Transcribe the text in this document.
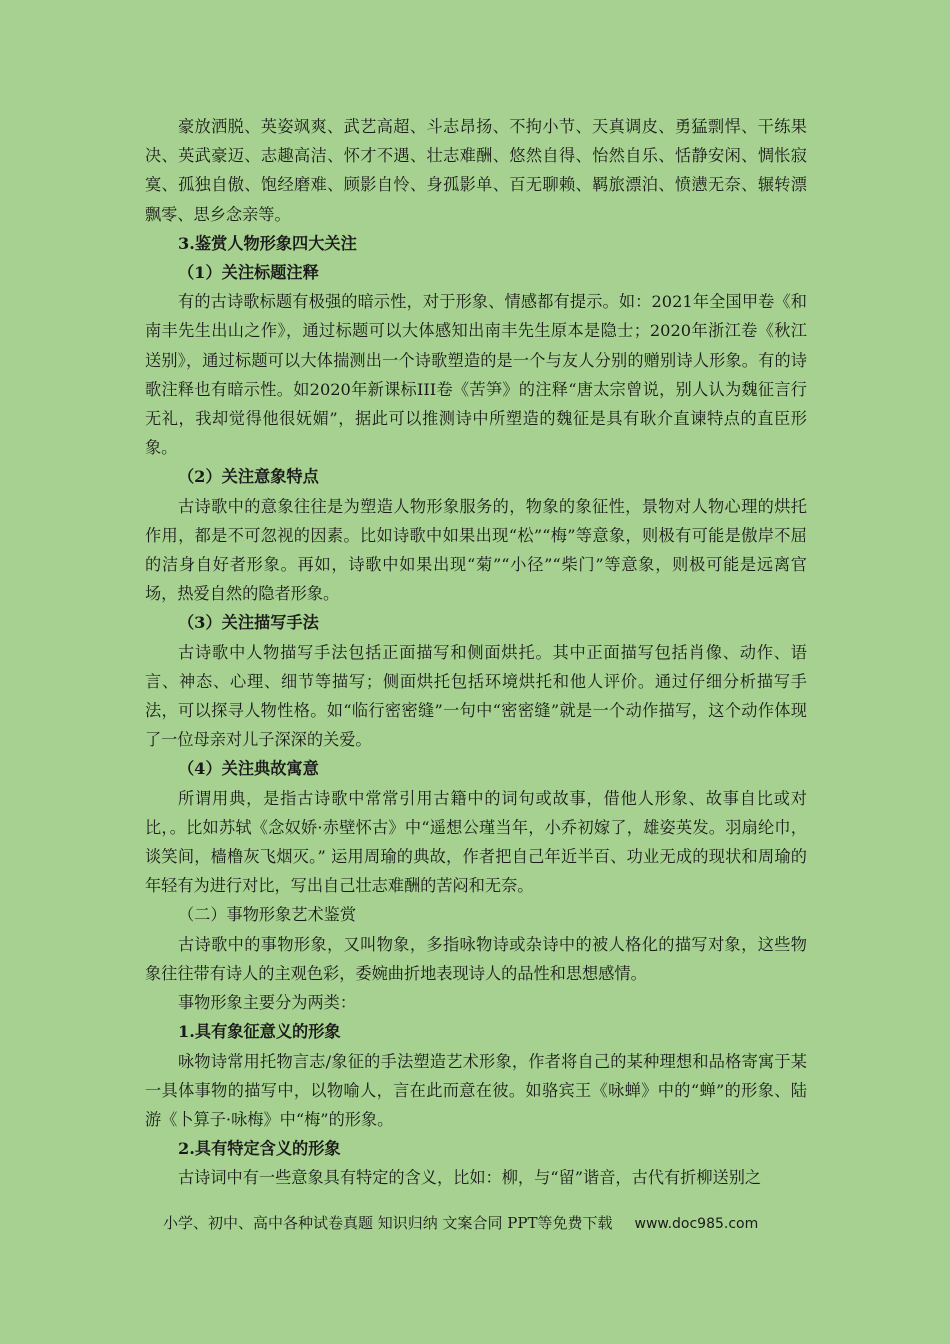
豪放洒脱、英姿飒爽、武艺高超、斗志昂扬、不拘小节、天真调皮、勇猛剽悍、干练果决、英武豪迈、志趣高洁、怀才不遇、壮志难酬、悠然自得、怡然自乐、恬静安闲、惆怅寂寞、孤独自傲、饱经磨难、顾影自怜、身孤影单、百无聊赖、羁旅漂泊、愤懑无奈、辗转漂飘零、思乡念亲等。

3.鉴赏人物形象四大关注

（1）关注标题注释

有的古诗歌标题有极强的暗示性，对于形象、情感都有提示。如：2021年全国甲卷《和南丰先生出山之作》，通过标题可以大体感知出南丰先生原本是隐士；2020年浙江卷《秋江送别》，通过标题可以大体揣测出一个诗歌塑造的是一个与友人分别的赠别诗人形象。有的诗歌注释也有暗示性。如2020年新课标III卷《苦笋》的注释“唐太宗曾说，别人认为魏征言行无礼，我却觉得他很妩媚”，据此可以推测诗中所塑造的魏征是具有耿介直谏特点的直臣形象。

（2）关注意象特点

古诗歌中的意象往往是为塑造人物形象服务的，物象的象征性，景物对人物心理的烘托作用，都是不可忽视的因素。比如诗歌中如果出现“松”“梅”等意象，则极有可能是傲岸不屈的洁身自好者形象。再如，诗歌中如果出现“菊”“小径”“柴门”等意象，则极可能是远离官场，热爱自然的隐者形象。

（3）关注描写手法

古诗歌中人物描写手法包括正面描写和侧面烘托。其中正面描写包括肖像、动作、语言、神态、心理、细节等描写；侧面烘托包括环境烘托和他人评价。通过仔细分析描写手法，可以探寻人物性格。如“临行密密缝”一句中“密密缝”就是一个动作描写，这个动作体现了一位母亲对儿子深深的关爱。

（4）关注典故寓意

所谓用典，是指古诗歌中常常引用古籍中的词句或故事，借他人形象、故事自比或对比，。比如苏轼《念奴娇·赤壁怀古》中“遥想公瑾当年，小乔初嫁了，雄姿英发。羽扇纶巾，谈笑间，樯橹灰飞烟灭。” 运用周瑜的典故，作者把自己年近半百、功业无成的现状和周瑜的年轻有为进行对比，写出自己壮志难酬的苦闷和无奈。

（二）事物形象艺术鉴赏

古诗歌中的事物形象，又叫物象，多指咏物诗或杂诗中的被人格化的描写对象，这些物象往往带有诗人的主观色彩，委婉曲折地表现诗人的品性和思想感情。

事物形象主要分为两类：

1.具有象征意义的形象

咏物诗常用托物言志/象征的手法塑造艺术形象，作者将自己的某种理想和品格寄寓于某一具体事物的描写中，以物喻人，言在此而意在彼。如骆宾王《咏蝉》中的“蝉”的形象、陆游《卜算子·咏梅》中“梅”的形象。

2.具有特定含义的形象

古诗词中有一些意象具有特定的含义，比如：柳，与“留”谐音，古代有折柳送别之

小学、初中、高中各种试卷真题 知识归纳 文案合同 PPT等免费下载 www.doc985.com
